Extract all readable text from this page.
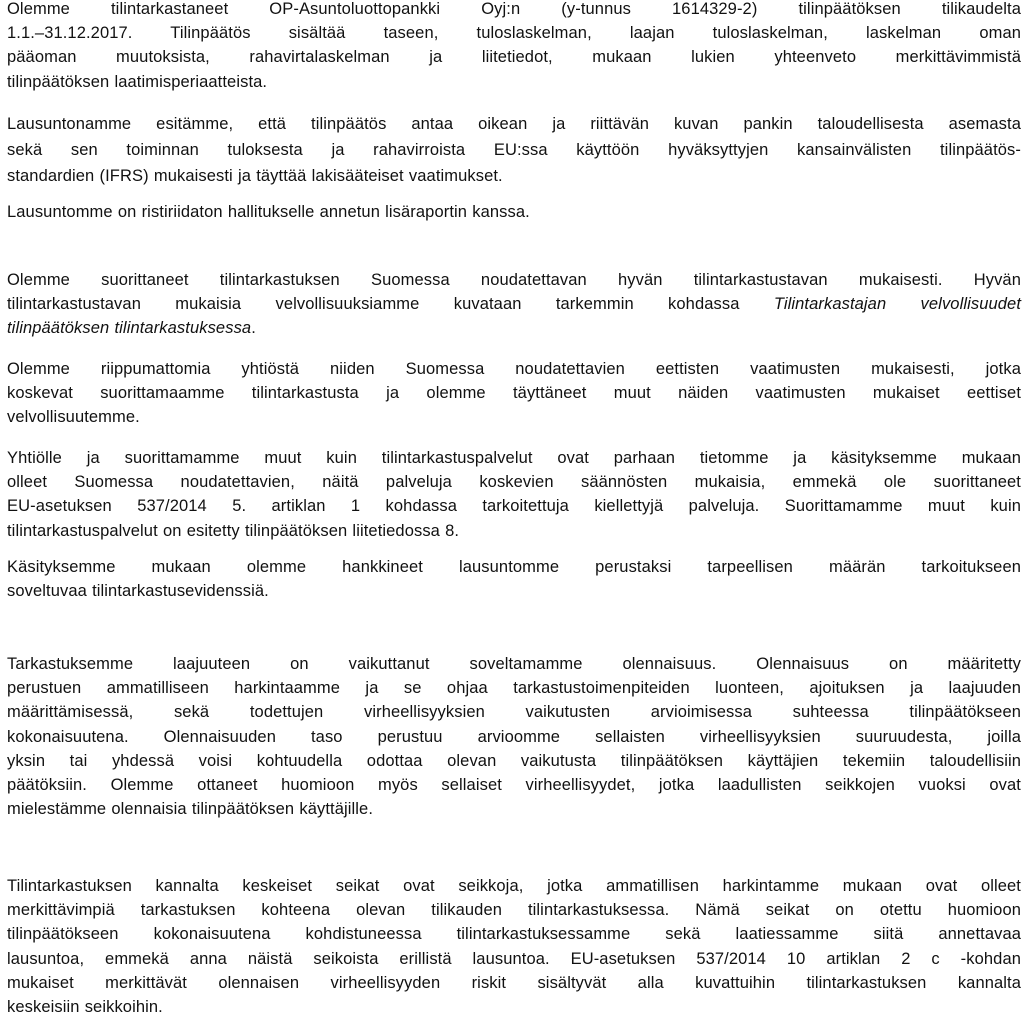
Olemme tilintarkastaneet OP-Asuntoluottopankki Oyj:n (y-tunnus 1614329-2) tilinpäätöksen tilikaudelta
1.1.–31.12.2017. Tilinpäätös sisältää taseen, tuloslaskelman, laajan tuloslaskelman, laskelman oman
pääoman muutoksista, rahavirtalaskelman ja liitetiedot, mukaan lukien yhteenveto merkittävimmistä
tilinpäätöksen laatimisperiaatteista.
Lausuntonamme esitämme, että tilinpäätös antaa oikean ja riittävän kuvan pankin taloudellisesta asemasta
sekä sen toiminnan tuloksesta ja rahavirroista EU:ssa käyttöön hyväksyttyjen kansainvälisten tilinpäätös-
standardien (IFRS) mukaisesti ja täyttää lakisääteiset vaatimukset.
Lausuntomme on ristiriidaton hallitukselle annetun lisäraportin kanssa.
Olemme suorittaneet tilintarkastuksen Suomessa noudatettavan hyvän tilintarkastustavan mukaisesti. Hyvän
tilintarkastustavan mukaisia velvollisuuksiamme kuvataan tarkemmin kohdassa Tilintarkastajan velvollisuudet
tilinpäätöksen tilintarkastuksessa.
Olemme riippumattomia yhtiöstä niiden Suomessa noudatettavien eettisten vaatimusten mukaisesti, jotka
koskevat suorittamaamme tilintarkastusta ja olemme täyttäneet muut näiden vaatimusten mukaiset eettiset
velvollisuutemme.
Yhtiölle ja suorittamamme muut kuin tilintarkastuspalvelut ovat parhaan tietomme ja käsityksemme mukaan
olleet Suomessa noudatettavien, näitä palveluja koskevien säännösten mukaisia, emmekä ole suorittaneet
EU-asetuksen 537/2014 5. artiklan 1 kohdassa tarkoitettuja kiellettyjä palveluja. Suorittamamme muut kuin
tilintarkastuspalvelut on esitetty tilinpäätöksen liitetiedossa 8.
Käsityksemme mukaan olemme hankkineet lausuntomme perustaksi tarpeellisen määrän tarkoitukseen
soveltuvaa tilintarkastusevidenssiä.
Tarkastuksemme laajuuteen on vaikuttanut soveltamamme olennaisuus. Olennaisuus on määritetty
perustuen ammatilliseen harkintaamme ja se ohjaa tarkastustoimenpiteiden luonteen, ajoituksen ja laajuuden
määrittämisessä, sekä todettujen virheellisyyksien vaikutusten arvioimisessa suhteessa tilinpäätökseen
kokonaisuutena. Olennaisuuden taso perustuu arvioomme sellaisten virheellisyyksien suuruudesta, joilla
yksin tai yhdessä voisi kohtuudella odottaa olevan vaikutusta tilinpäätöksen käyttäjien tekemiin taloudellisiin
päätöksiin. Olemme ottaneet huomioon myös sellaiset virheellisyydet, jotka laadullisten seikkojen vuoksi ovat
mielestämme olennaisia tilinpäätöksen käyttäjille.
Tilintarkastuksen kannalta keskeiset seikat ovat seikkoja, jotka ammatillisen harkintamme mukaan ovat olleet
merkittävimpiä tarkastuksen kohteena olevan tilikauden tilintarkastuksessa. Nämä seikat on otettu huomioon
tilinpäätökseen kokonaisuutena kohdistuneessa tilintarkastuksessamme sekä laatiessamme siitä annettavaa
lausuntoa, emmekä anna näistä seikoista erillistä lausuntoa. EU-asetuksen 537/2014 10 artiklan 2 c -kohdan
mukaiset merkittävät olennaisen virheellisyyden riskit sisältyvät alla kuvattuihin tilintarkastuksen kannalta
keskeisiin seikkoihin.
